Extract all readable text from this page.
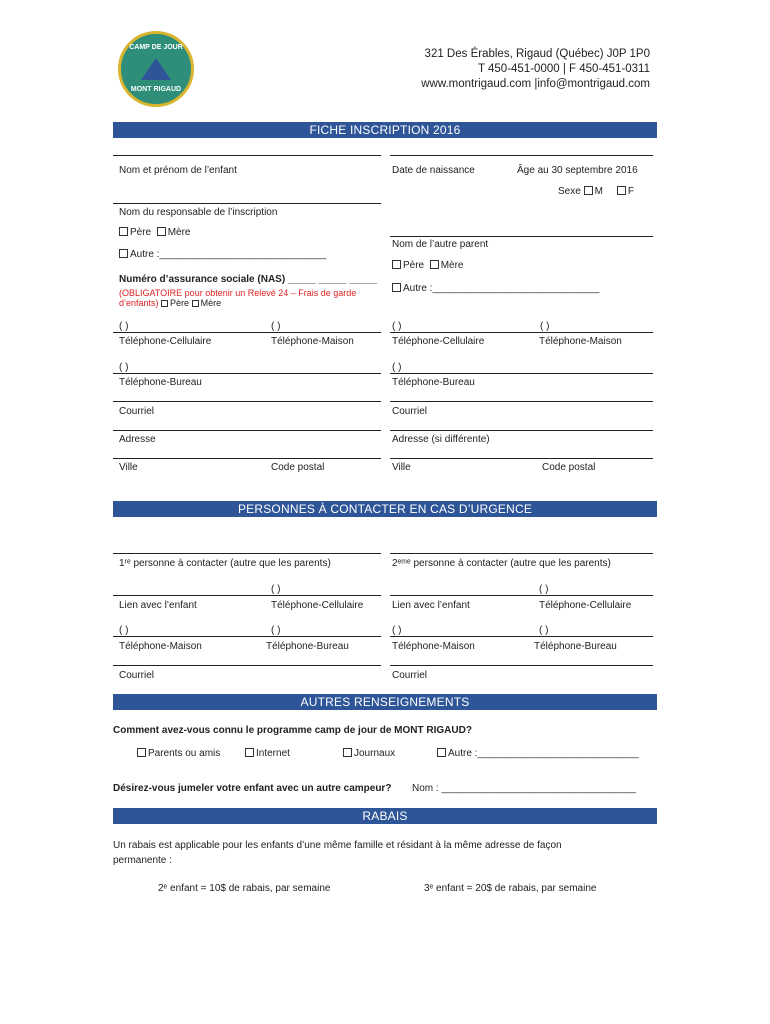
CAMP DE JOUR
MONT RIGAUD
321 Des Érables, Rigaud (Québec) J0P 1P0
T 450-451-0000 | F 450-451-0311
www.montrigaud.com |info@montrigaud.com
FICHE INSCRIPTION 2016
Nom et prénom de l’enfant	Date de naissance	Âge au 30 septembre 2016
Sexe M F
Nom du responsable de l’inscription
Père Mère
Autre :______________________________
Numéro d’assurance sociale (NAS) _____ _____ _____
(OBLIGATOIRE pour obtenir un Relevé 24 – Frais de garde
d’enfants) Père Mère
Nom de l’autre parent
Père Mère
Autre :______________________________
( )	( )	( )	( )
Téléphone-Cellulaire	Téléphone-Maison	Téléphone-Cellulaire	Téléphone-Maison
( )	( )
Téléphone-Bureau	Téléphone-Bureau
Courriel	Courriel
Adresse	Adresse (si différente)
Ville	Code postal	Ville	Code postal
PERSONNES À CONTACTER EN CAS D’URGENCE
1ʳᵉ personne à contacter (autre que les parents)	2ᵉᵐᵉ personne à contacter (autre que les parents)
( )	( )
Lien avec l’enfant	Téléphone-Cellulaire	Lien avec l’enfant	Téléphone-Cellulaire
( )	( )	( )	( )
Téléphone-Maison	Téléphone-Bureau	Téléphone-Maison	Téléphone-Bureau
Courriel	Courriel
AUTRES RENSEIGNEMENTS
Comment avez-vous connu le programme camp de jour de MONT RIGAUD?
Parents ou amis	Internet	Journaux	Autre :_____________________________
Désirez-vous jumeler votre enfant avec un autre campeur? Nom : ___________________________________
RABAIS
Un rabais est applicable pour les enfants d’une même famille et résidant à la même adresse de façon
permanente :
2ᵉ enfant = 10$ de rabais, par semaine	3ᵉ enfant = 20$ de rabais, par semaine
